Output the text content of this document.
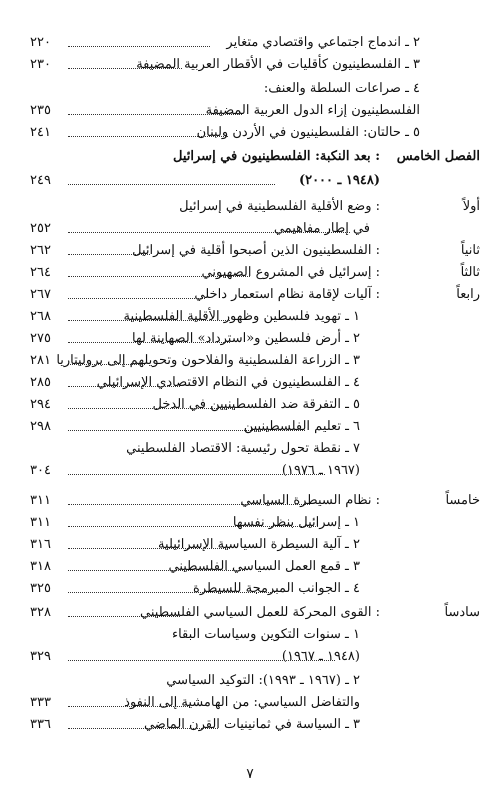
٢ ـ اندماج اجتماعي واقتصادي متغاير
٢٢٠
٣ ـ الفلسطينيون كأقليات في الأقطار العربية المضيفة
٢٣٠
٤ ـ صراعات السلطة والعنف:
الفلسطينيون إزاء الدول العربية المضيفة
٢٣٥
٥ ـ حالتان: الفلسطينيون في الأردن ولبنان
٢٤١
الفصل الخامس
: بعد النكبة: الفلسطينيون في إسرائيل
(١٩٤٨ ـ ٢٠٠٠)
٢٤٩
أولاً
: وضع الأقلية الفلسطينية في إسرائيل
في إطار مفاهيمي
٢٥٢
ثانياً
: الفلسطينيون الذين أصبحوا أقلية في إسرائيل
٢٦٢
ثالثاً
: إسرائيل في المشروع الصهيوني
٢٦٤
رابعاً
: آليات لإقامة نظام استعمار داخلي
٢٦٧
١ ـ تهويد فلسطين وظهور الأقلية الفلسطينية
٢٦٨
٢ ـ أرض فلسطين و«استرداد» الصهاينة لها
٢٧٥
٣ ـ الزراعة الفلسطينية والفلاحون وتحويلهم إلى بروليتاريا
٢٨١
٤ ـ الفلسطينيون في النظام الاقتصادي الإسرائيلي
٢٨٥
٥ ـ التفرقة ضد الفلسطينيين في الدخل
٢٩٤
٦ ـ تعليم الفلسطينيين
٢٩٨
٧ ـ نقطة تحول رئيسية: الاقتصاد الفلسطيني
(١٩٦٧ ـ ١٩٧٦)
٣٠٤
خامساً
: نظام السيطرة السياسي
٣١١
١ ـ إسرائيل بنظر نفسها
٣١١
٢ ـ آلية السيطرة السياسية الإسرائيلية
٣١٦
٣ ـ قمع العمل السياسي الفلسطيني
٣١٨
٤ ـ الجوانب المبرمجة للسيطرة
٣٢٥
سادساً
: القوى المحركة للعمل السياسي الفلسطيني
٣٢٨
١ ـ سنوات التكوين وسياسات البقاء
(١٩٤٨ ـ ١٩٦٧)
٣٢٩
٢ ـ (١٩٦٧ ـ ١٩٩٣): التوكيد السياسي
والتفاضل السياسي: من الهامشية إلى النفوذ
٣٣٣
٣ ـ السياسة في ثمانينيات القرن الماضي
٣٣٦
٧
